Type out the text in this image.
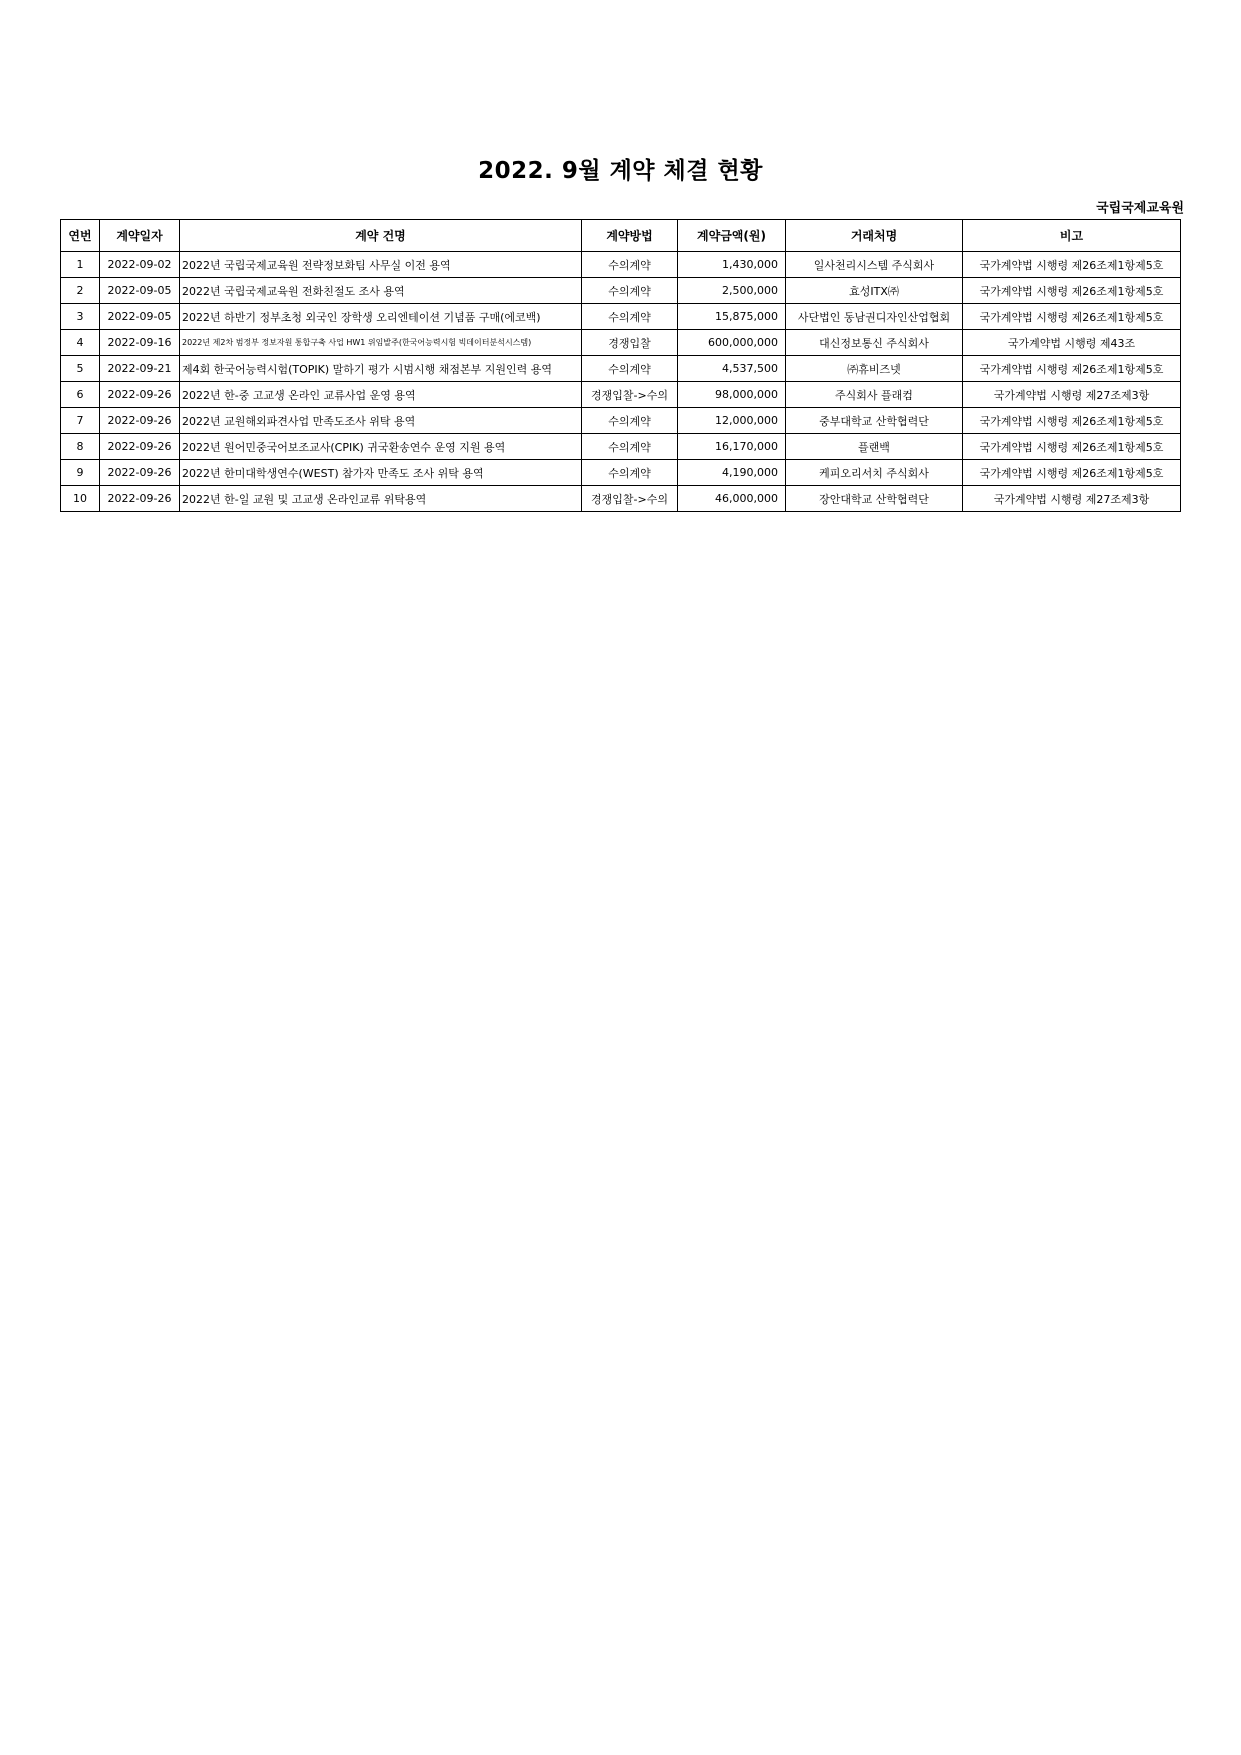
2022. 9월 계약 체결 현황
국립국제교육원
연번	계약일자	계약 건명	계약방법	계약금액(원)	거래처명	비고
1	2022-09-02	2022년 국립국제교육원 전략정보화팀 사무실 이전 용역	수의계약	1,430,000	일사천리시스템 주식회사	국가계약법 시행령 제26조제1항제5호
2	2022-09-05	2022년 국립국제교육원 전화친절도 조사 용역	수의계약	2,500,000	효성ITX㈜	국가계약법 시행령 제26조제1항제5호
3	2022-09-05	2022년 하반기 정부초청 외국인 장학생 오리엔테이션 기념품 구매(에코백)	수의계약	15,875,000	사단법인 동남권디자인산업협회	국가계약법 시행령 제26조제1항제5호
4	2022-09-16	2022년 제2차 범정부 정보자원 통합구축 사업 HW1 위임발주(한국어능력시험 빅데이터분석시스템)	경쟁입찰	600,000,000	대신정보통신 주식회사	국가계약법 시행령 제43조
5	2022-09-21	제4회 한국어능력시험(TOPIK) 말하기 평가 시범시행 채점본부 지원인력 용역	수의계약	4,537,500	㈜휴비즈넷	국가계약법 시행령 제26조제1항제5호
6	2022-09-26	2022년 한-중 고교생 온라인 교류사업 운영 용역	경쟁입찰->수의	98,000,000	주식회사 플래컴	국가계약법 시행령 제27조제3항
7	2022-09-26	2022년 교원해외파견사업 만족도조사 위탁 용역	수의계약	12,000,000	중부대학교 산학협력단	국가계약법 시행령 제26조제1항제5호
8	2022-09-26	2022년 원어민중국어보조교사(CPIK) 귀국환송연수 운영 지원 용역	수의계약	16,170,000	플랜백	국가계약법 시행령 제26조제1항제5호
9	2022-09-26	2022년 한미대학생연수(WEST) 참가자 만족도 조사 위탁 용역	수의계약	4,190,000	케피오리서치 주식회사	국가계약법 시행령 제26조제1항제5호
10	2022-09-26	2022년 한-일 교원 및 고교생 온라인교류 위탁용역	경쟁입찰->수의	46,000,000	장안대학교 산학협력단	국가계약법 시행령 제27조제3항
